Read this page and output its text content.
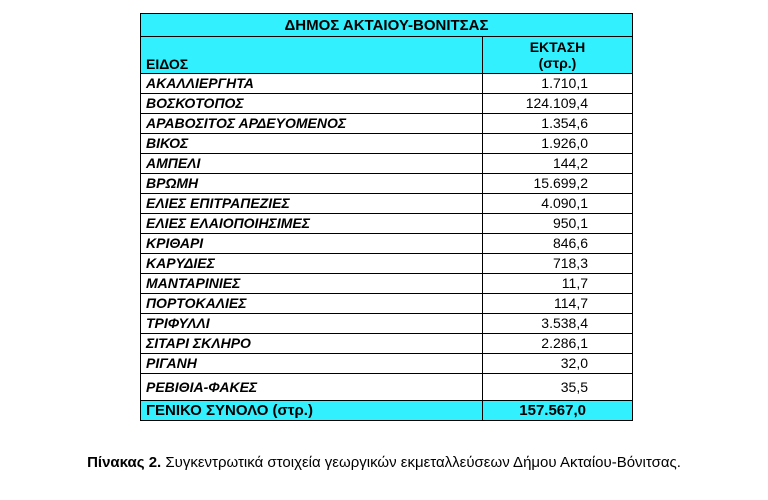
ΔΗΜΟΣ ΑΚΤΑΙΟΥ-ΒΟΝΙΤΣΑΣ	
ΕΙΔΟΣ	ΕΚΤΑΣΗ
(στρ.)

ΑΚΑΛΛΙΕΡΓΗΤΑ	1.710,1
ΒΟΣΚΟΤΟΠΟΣ	124.109,4
ΑΡΑΒΟΣΙΤΟΣ ΑΡΔΕΥΟΜΕΝΟΣ	1.354,6
ΒΙΚΟΣ	1.926,0
ΑΜΠΕΛΙ	144,2
ΒΡΩΜΗ	15.699,2
ΕΛΙΕΣ ΕΠΙΤΡΑΠΕΖΙΕΣ	4.090,1
ΕΛΙΕΣ ΕΛΑΙΟΠΟΙΗΣΙΜΕΣ	950,1
ΚΡΙΘΑΡΙ	846,6
ΚΑΡΥΔΙΕΣ	718,3
ΜΑΝΤΑΡΙΝΙΕΣ	11,7
ΠΟΡΤΟΚΑΛΙΕΣ	114,7
ΤΡΙΦΥΛΛΙ	3.538,4
ΣΙΤΑΡΙ ΣΚΛΗΡΟ	2.286,1
ΡΙΓΑΝΗ	32,0
ΡΕΒΙΘΙΑ-ΦΑΚΕΣ	35,5
ΓΕΝΙΚΟ ΣΥΝΟΛΟ (στρ.)	157.567,0
Πίνακας 2. Συγκεντρωτικά στοιχεία γεωργικών εκμεταλλεύσεων Δήμου Ακταίου-Βόνιτσας.
